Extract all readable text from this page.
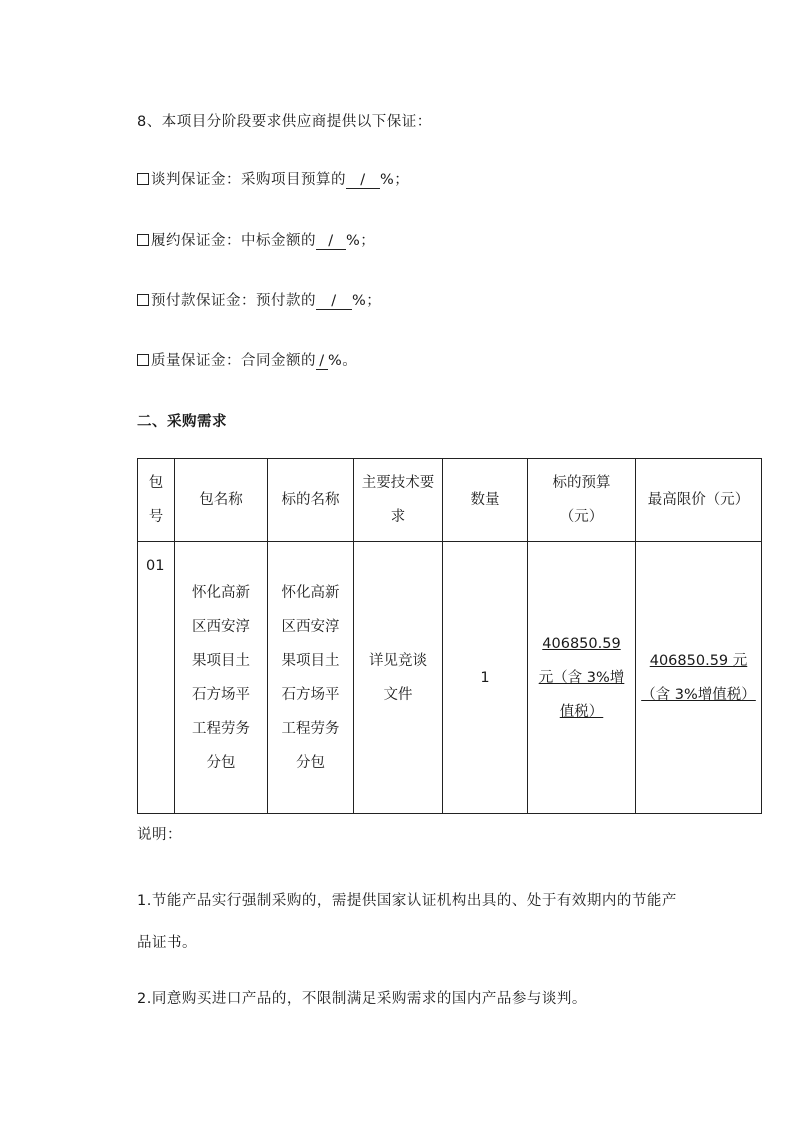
8、本项目分阶段要求供应商提供以下保证：
谈判保证金：采购项目预算的 / %；
履约保证金：中标金额的 / %；
预付款保证金：预付款的 / %；
质量保证金：合同金额的 / %。
二、采购需求
包号	包名称	标的名称	主要技术要求	数量	标的预算（元）	最高限价（元）
01	怀化高新区西安淳果项目土石方场平工程劳务分包	怀化高新区西安淳果项目土石方场平工程劳务分包	详见竞谈文件	1	406850.59 元（含 3%增值税）	406850.59 元（含 3%增值税）
说明：
1.节能产品实行强制采购的，需提供国家认证机构出具的、处于有效期内的节能产品证书。
2.同意购买进口产品的，不限制满足采购需求的国内产品参与谈判。
